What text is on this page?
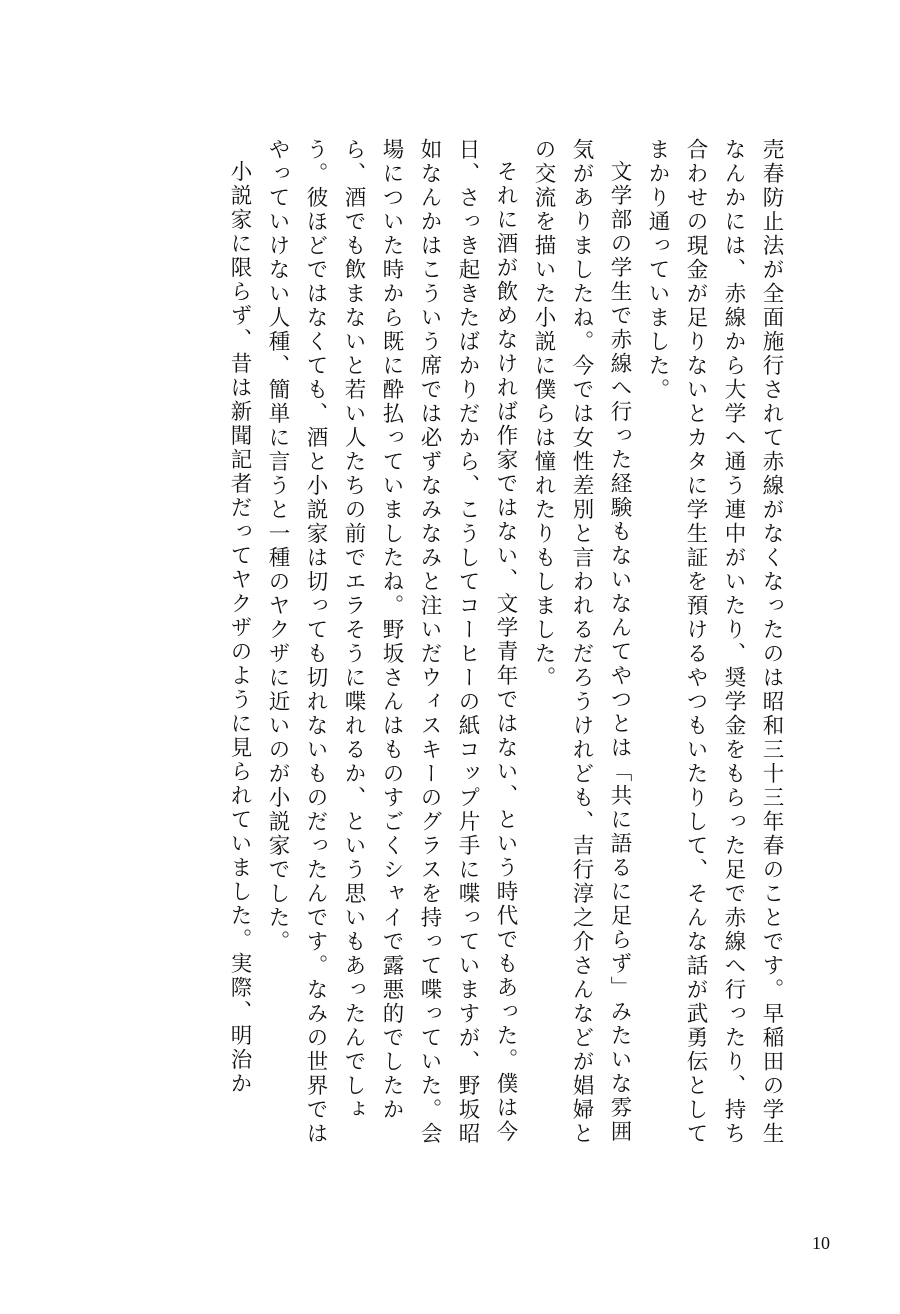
売春防止法が全面施行されて赤線がなくなったのは昭和三十三年春のことです。早稲田の学生なんかには、赤線から大学へ通う連中がいたり、奨学金をもらった足で赤線へ行ったり、持ち合わせの現金が足りないとカタに学生証を預けるやつもいたりして、そんな話が武勇伝としてまかり通っていました。

文学部の学生で赤線へ行った経験もないなんてやつとは「共に語るに足らず」みたいな雰囲気がありましたね。今では女性差別と言われるだろうけれども、吉行淳之介さんなどが娼婦との交流を描いた小説に僕らは憧れたりもしました。

それに酒が飲めなければ作家ではない、文学青年ではない、という時代でもあった。僕は今日、さっき起きたばかりだから、こうしてコーヒーの紙コップ片手に喋っていますが、野坂昭如なんかはこういう席では必ずなみなみと注いだウィスキーのグラスを持って喋っていた。会場についた時から既に酔払っていましたね。野坂さんはものすごくシャイで露悪的でしたから、酒でも飲まないと若い人たちの前でエラそうに喋れるか、という思いもあったんでしょう。彼ほどではなくても、酒と小説家は切っても切れないものだったんです。なみの世界ではやっていけない人種、簡単に言うと一種のヤクザに近いのが小説家でした。

小説家に限らず、昔は新聞記者だってヤクザのように見られていました。実際、明治か

10
